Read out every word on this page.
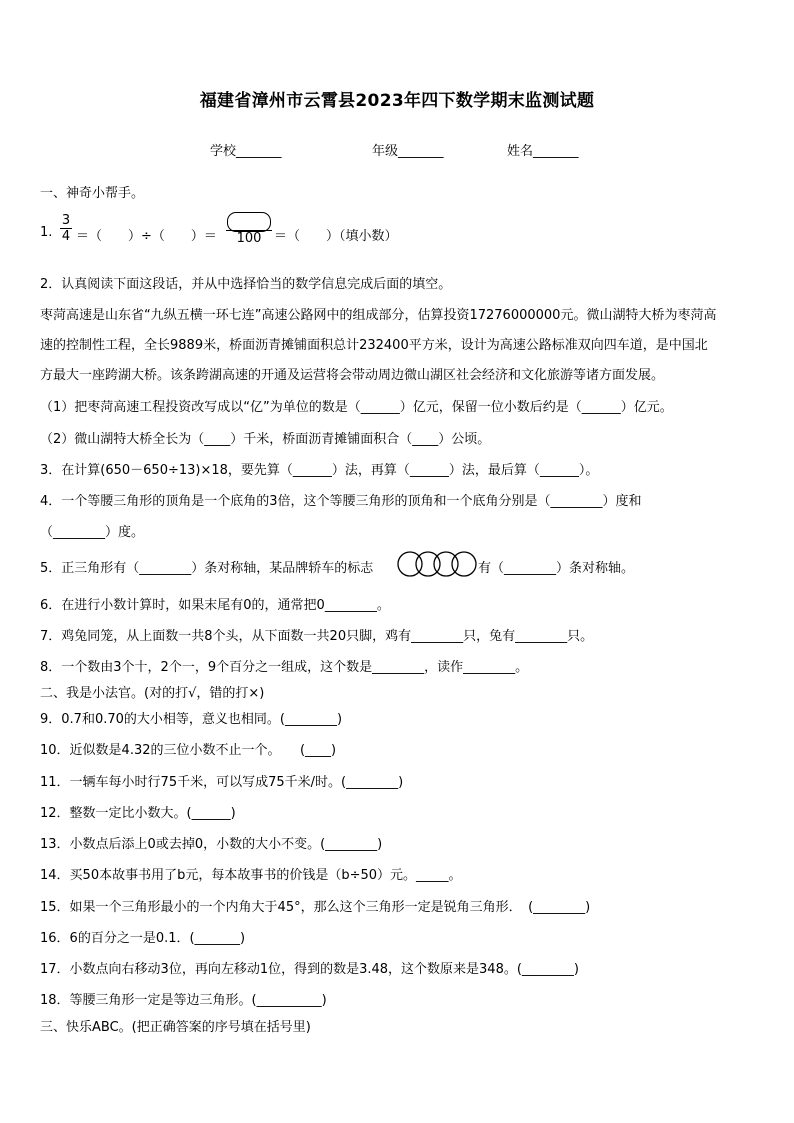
福建省漳州市云霄县2023年四下数学期末监测试题
学校_______	年级_______	姓名_______
一、神奇小帮手。
1.
3
4 ＝（　　）÷（　　）＝	100 ＝（　　）（填小数）
2．认真阅读下面这段话，并从中选择恰当的数学信息完成后面的填空。
枣菏高速是山东省“九纵五横一环七连”高速公路网中的组成部分，估算投资17276000000元。微山湖特大桥为枣菏高
速的控制性工程，全长9889米，桥面沥青摊铺面积总计232400平方米，设计为高速公路标准双向四车道，是中国北
方最大一座跨湖大桥。该条跨湖高速的开通及运营将会带动周边微山湖区社会经济和文化旅游等诸方面发展。
（1）把枣菏高速工程投资改写成以“亿”为单位的数是（______）亿元，保留一位小数后约是（______）亿元。
（2）微山湖特大桥全长为（____）千米，桥面沥青摊铺面积合（____）公顷。
3．在计算(650－650÷13)×18，要先算（______）法，再算（______）法，最后算（______）。
4．一个等腰三角形的顶角是一个底角的3倍，这个等腰三角形的顶角和一个底角分别是（________）度和
（________）度。
5．正三角形有（________）条对称轴，某品牌轿车的标志	有（________）条对称轴。
6．在进行小数计算时，如果末尾有0的，通常把0________。
7．鸡兔同笼，从上面数一共8个头，从下面数一共20只脚，鸡有________只，兔有________只。
8．一个数由3个十，2个一，9个百分之一组成，这个数是________，读作________。
二、我是小法官。(对的打√，错的打×)
9．0.7和0.70的大小相等，意义也相同。(________)
10．近似数是4.32的三位小数不止一个。　　(____)
11．一辆车每小时行75千米，可以写成75千米/时。(________)
12．整数一定比小数大。(______)
13．小数点后添上0或去掉0，小数的大小不变。(________)
14．买50本故事书用了b元，每本故事书的价钱是（b÷50）元。_____。
15．如果一个三角形最小的一个内角大于45°，那么这个三角形一定是锐角三角形．　(________)
16．6的百分之一是0.1．(_______)
17．小数点向右移动3位，再向左移动1位，得到的数是3.48，这个数原来是348。(________)
18．等腰三角形一定是等边三角形。(__________)
三、快乐ABC。(把正确答案的序号填在括号里)
